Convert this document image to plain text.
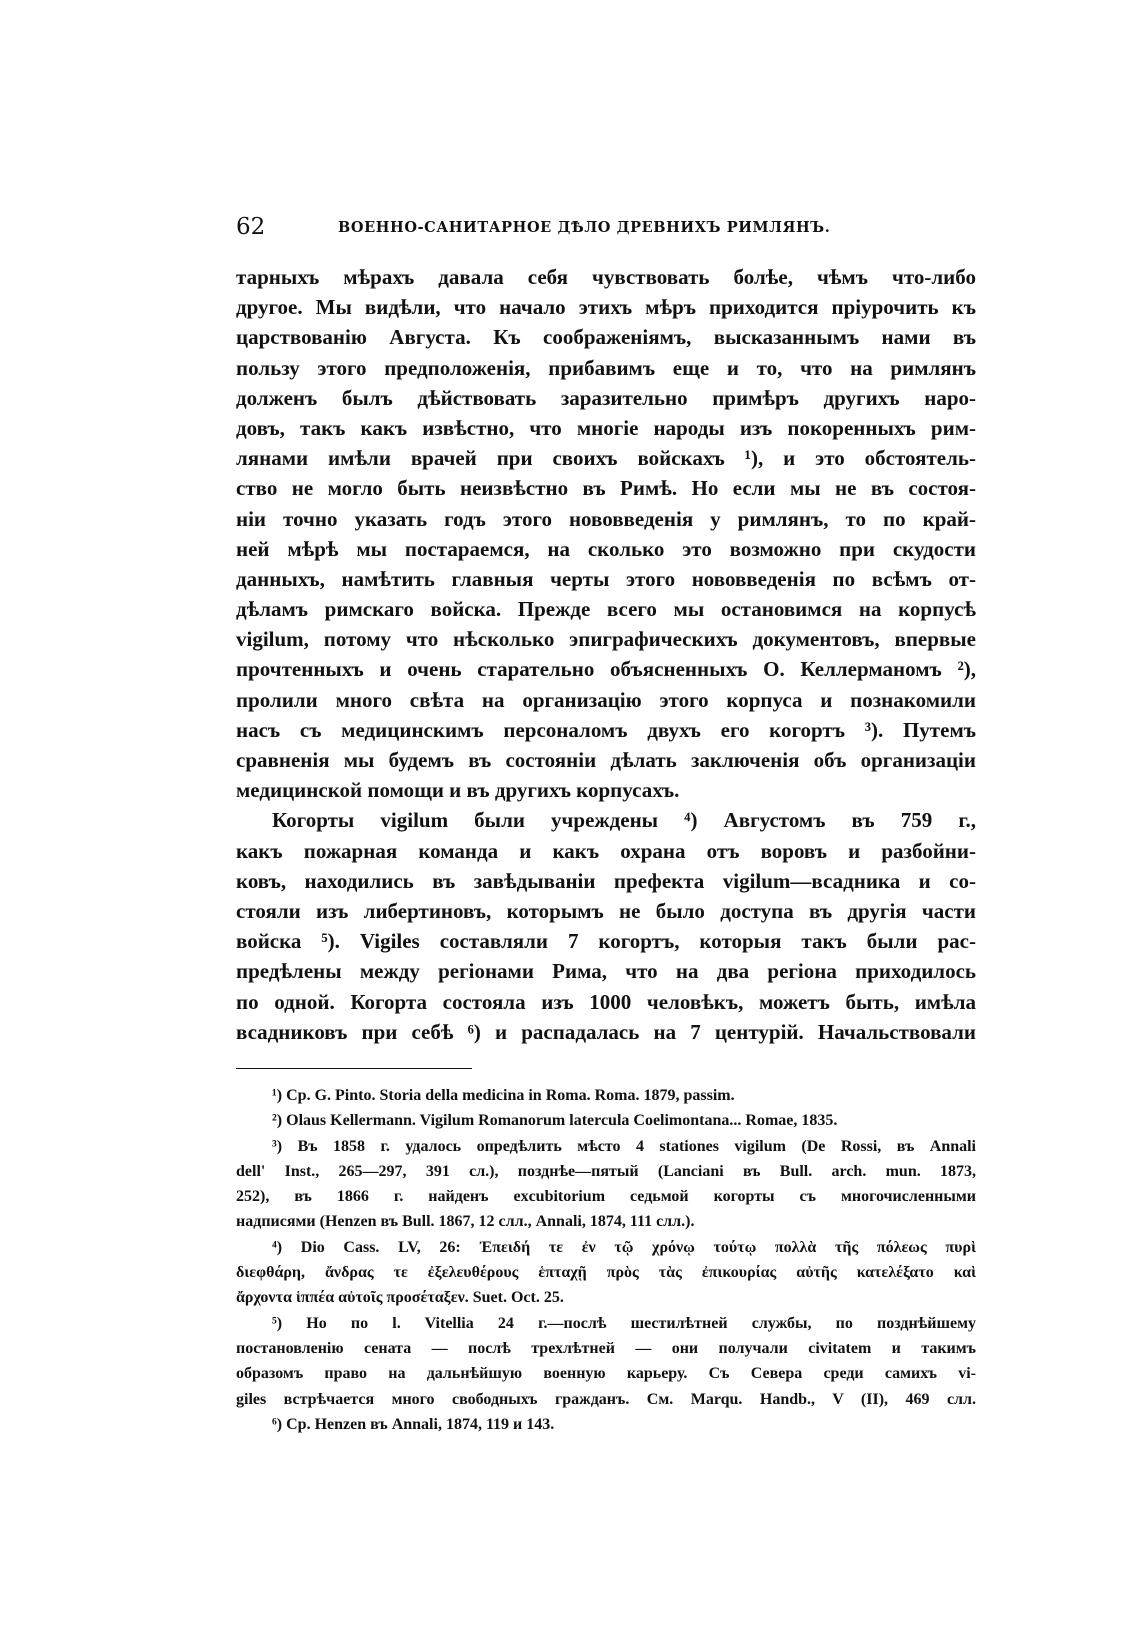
62	ВОЕННО-САНИТАРНОЕ ДѢЛО ДРЕВНИХЪ РИМЛЯНЪ.
тарныхъ мѣрахъ давала себя чувствовать болѣе, чѣмъ что-либо
другое. Мы видѣли, что начало этихъ мѣръ приходится пріурочить къ
царствованію Августа. Къ соображеніямъ, высказаннымъ нами въ
пользу этого предположенія, прибавимъ еще и то, что на римлянъ
долженъ былъ дѣйствовать заразительно примѣръ другихъ наро-
довъ, такъ какъ извѣстно, что многіе народы изъ покоренныхъ рим-
лянами имѣли врачей при своихъ войскахъ ¹), и это обстоятель-
ство не могло быть неизвѣстно въ Римѣ. Но если мы не въ состоя-
ніи точно указать годъ этого нововведенія у римлянъ, то по край-
ней мѣрѣ мы постараемся, на сколько это возможно при скудости
данныхъ, намѣтить главныя черты этого нововведенія по всѣмъ от-
дѣламъ римскаго войска. Прежде всего мы остановимся на корпусѣ
vigilum, потому что нѣсколько эпиграфическихъ документовъ, впервые
прочтенныхъ и очень старательно объясненныхъ О. Келлерманомъ ²),
пролили много свѣта на организацію этого корпуса и познакомили
насъ съ медицинскимъ персоналомъ двухъ его когортъ ³). Путемъ
сравненія мы будемъ въ состояніи дѣлать заключенія объ организаціи
медицинской помощи и въ другихъ корпусахъ.
Когорты vigilum были учреждены ⁴) Августомъ въ 759 г.,
какъ пожарная команда и какъ охрана отъ воровъ и разбойни-
ковъ, находились въ завѣдываніи префекта vigilum—всадника и со-
стояли изъ либертиновъ, которымъ не было доступа въ другія части
войска ⁵). Vigiles составляли 7 когортъ, которыя такъ были рас-
предѣлены между регіонами Рима, что на два регіона приходилось
по одной. Когорта состояла изъ 1000 человѣкъ, можетъ быть, имѣла
всадниковъ при себѣ ⁶) и распадалась на 7 центурій. Начальствовали
¹) Cp. G. Pinto. Storia della medicina in Roma. Roma. 1879, passim.
²) Olaus Kellermann. Vigilum Romanorum latercula Coelimontana... Romae, 1835.
³) Въ 1858 г. удалось опредѣлить мѣсто 4 stationes vigilum (De Rossi, въ Annali
dell' Inst., 265—297, 391 сл.), позднѣе—пятый (Lanciani въ Bull. arch. mun. 1873,
252), въ 1866 г. найденъ excubitorium седьмой когорты съ многочисленными
надписями (Henzen въ Bull. 1867, 12 слл., Annali, 1874, 111 слл.).
⁴) Dio Cass. LV, 26: Ἐπειδή τε ἐν τῷ χρόνῳ τούτῳ πολλὰ τῆς πόλεως πυρὶ
διεφθάρη, ἄνδρας τε ἐξελευθέρους ἑπταχῇ πρὸς τὰς ἐπικουρίας αὐτῆς κατελέξατο καὶ
ἄρχοντα ἱππέα αὐτοῖς προσέταξεν. Suet. Oct. 25.
⁵) Но по l. Vitellia 24 г.—послѣ шестилѣтней службы, по позднѣйшему
постановленію сената — послѣ трехлѣтней — они получали civitatem и такимъ
образомъ право на дальнѣйшую военную карьеру. Съ Севера среди самихъ vi-
giles встрѣчается много свободныхъ гражданъ. См. Marqu. Handb., V (II), 469 слл.
⁶) Cp. Henzen въ Annali, 1874, 119 и 143.
